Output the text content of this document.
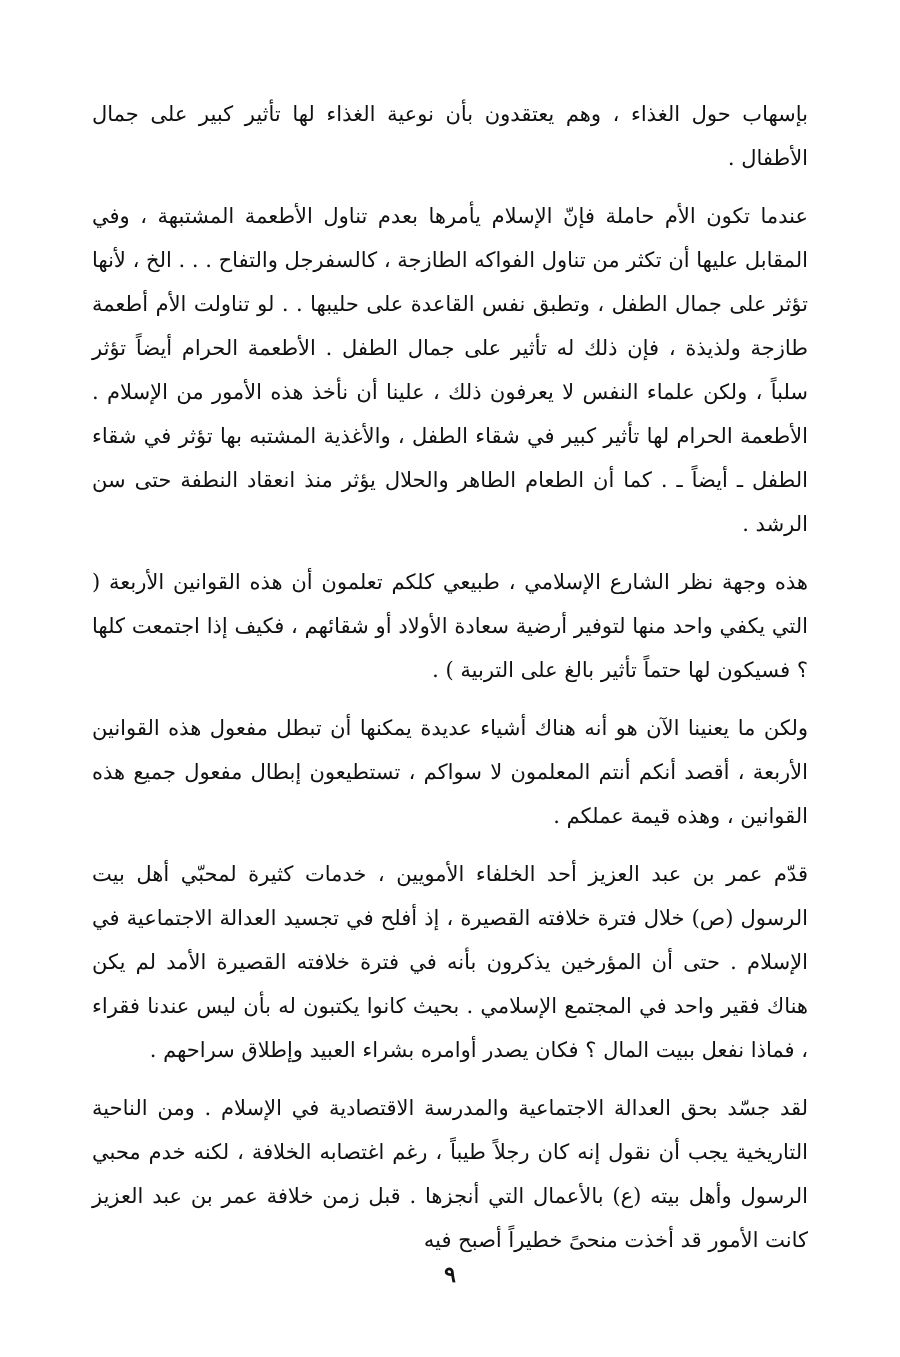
بإسهاب حول الغذاء ، وهم يعتقدون بأن نوعية الغذاء لها تأثير كبير على جمال الأطفال .

عندما تكون الأم حاملة فإنّ الإسلام يأمرها بعدم تناول الأطعمة المشتبهة ، وفي المقابل عليها أن تكثر من تناول الفواكه الطازجة ، كالسفرجل والتفاح . . . الخ ، لأنها تؤثر على جمال الطفل ، وتطبق نفس القاعدة على حليبها . . لو تناولت الأم أطعمة طازجة ولذيذة ، فإن ذلك له تأثير على جمال الطفل . الأطعمة الحرام أيضاً تؤثر سلباً ، ولكن علماء النفس لا يعرفون ذلك ، علينا أن نأخذ هذه الأمور من الإسلام . الأطعمة الحرام لها تأثير كبير في شقاء الطفل ، والأغذية المشتبه بها تؤثر في شقاء الطفل ـ أيضاً ـ . كما أن الطعام الطاهر والحلال يؤثر منذ انعقاد النطفة حتى سن الرشد .

هذه وجهة نظر الشارع الإسلامي ، طبيعي كلكم تعلمون أن هذه القوانين الأربعة ( التي يكفي واحد منها لتوفير أرضية سعادة الأولاد أو شقائهم ، فكيف إذا اجتمعت كلها ؟ فسيكون لها حتماً تأثير بالغ على التربية ) .

ولكن ما يعنينا الآن هو أنه هناك أشياء عديدة يمكنها أن تبطل مفعول هذه القوانين الأربعة ، أقصد أنكم أنتم المعلمون لا سواكم ، تستطيعون إبطال مفعول جميع هذه القوانين ، وهذه قيمة عملكم .

قدّم عمر بن عبد العزيز أحد الخلفاء الأمويين ، خدمات كثيرة لمحبّي أهل بيت الرسول (ص) خلال فترة خلافته القصيرة ، إذ أفلح في تجسيد العدالة الاجتماعية في الإسلام . حتى أن المؤرخين يذكرون بأنه في فترة خلافته القصيرة الأمد لم يكن هناك فقير واحد في المجتمع الإسلامي . بحيث كانوا يكتبون له بأن ليس عندنا فقراء ، فماذا نفعل ببيت المال ؟ فكان يصدر أوامره بشراء العبيد وإطلاق سراحهم .

لقد جسّد بحق العدالة الاجتماعية والمدرسة الاقتصادية في الإسلام . ومن الناحية التاريخية يجب أن نقول إنه كان رجلاً طيباً ، رغم اغتصابه الخلافة ، لكنه خدم محبي الرسول وأهل بيته (ع) بالأعمال التي أنجزها . قبل زمن خلافة عمر بن عبد العزيز كانت الأمور قد أخذت منحىً خطيراً أصبح فيه

٩
